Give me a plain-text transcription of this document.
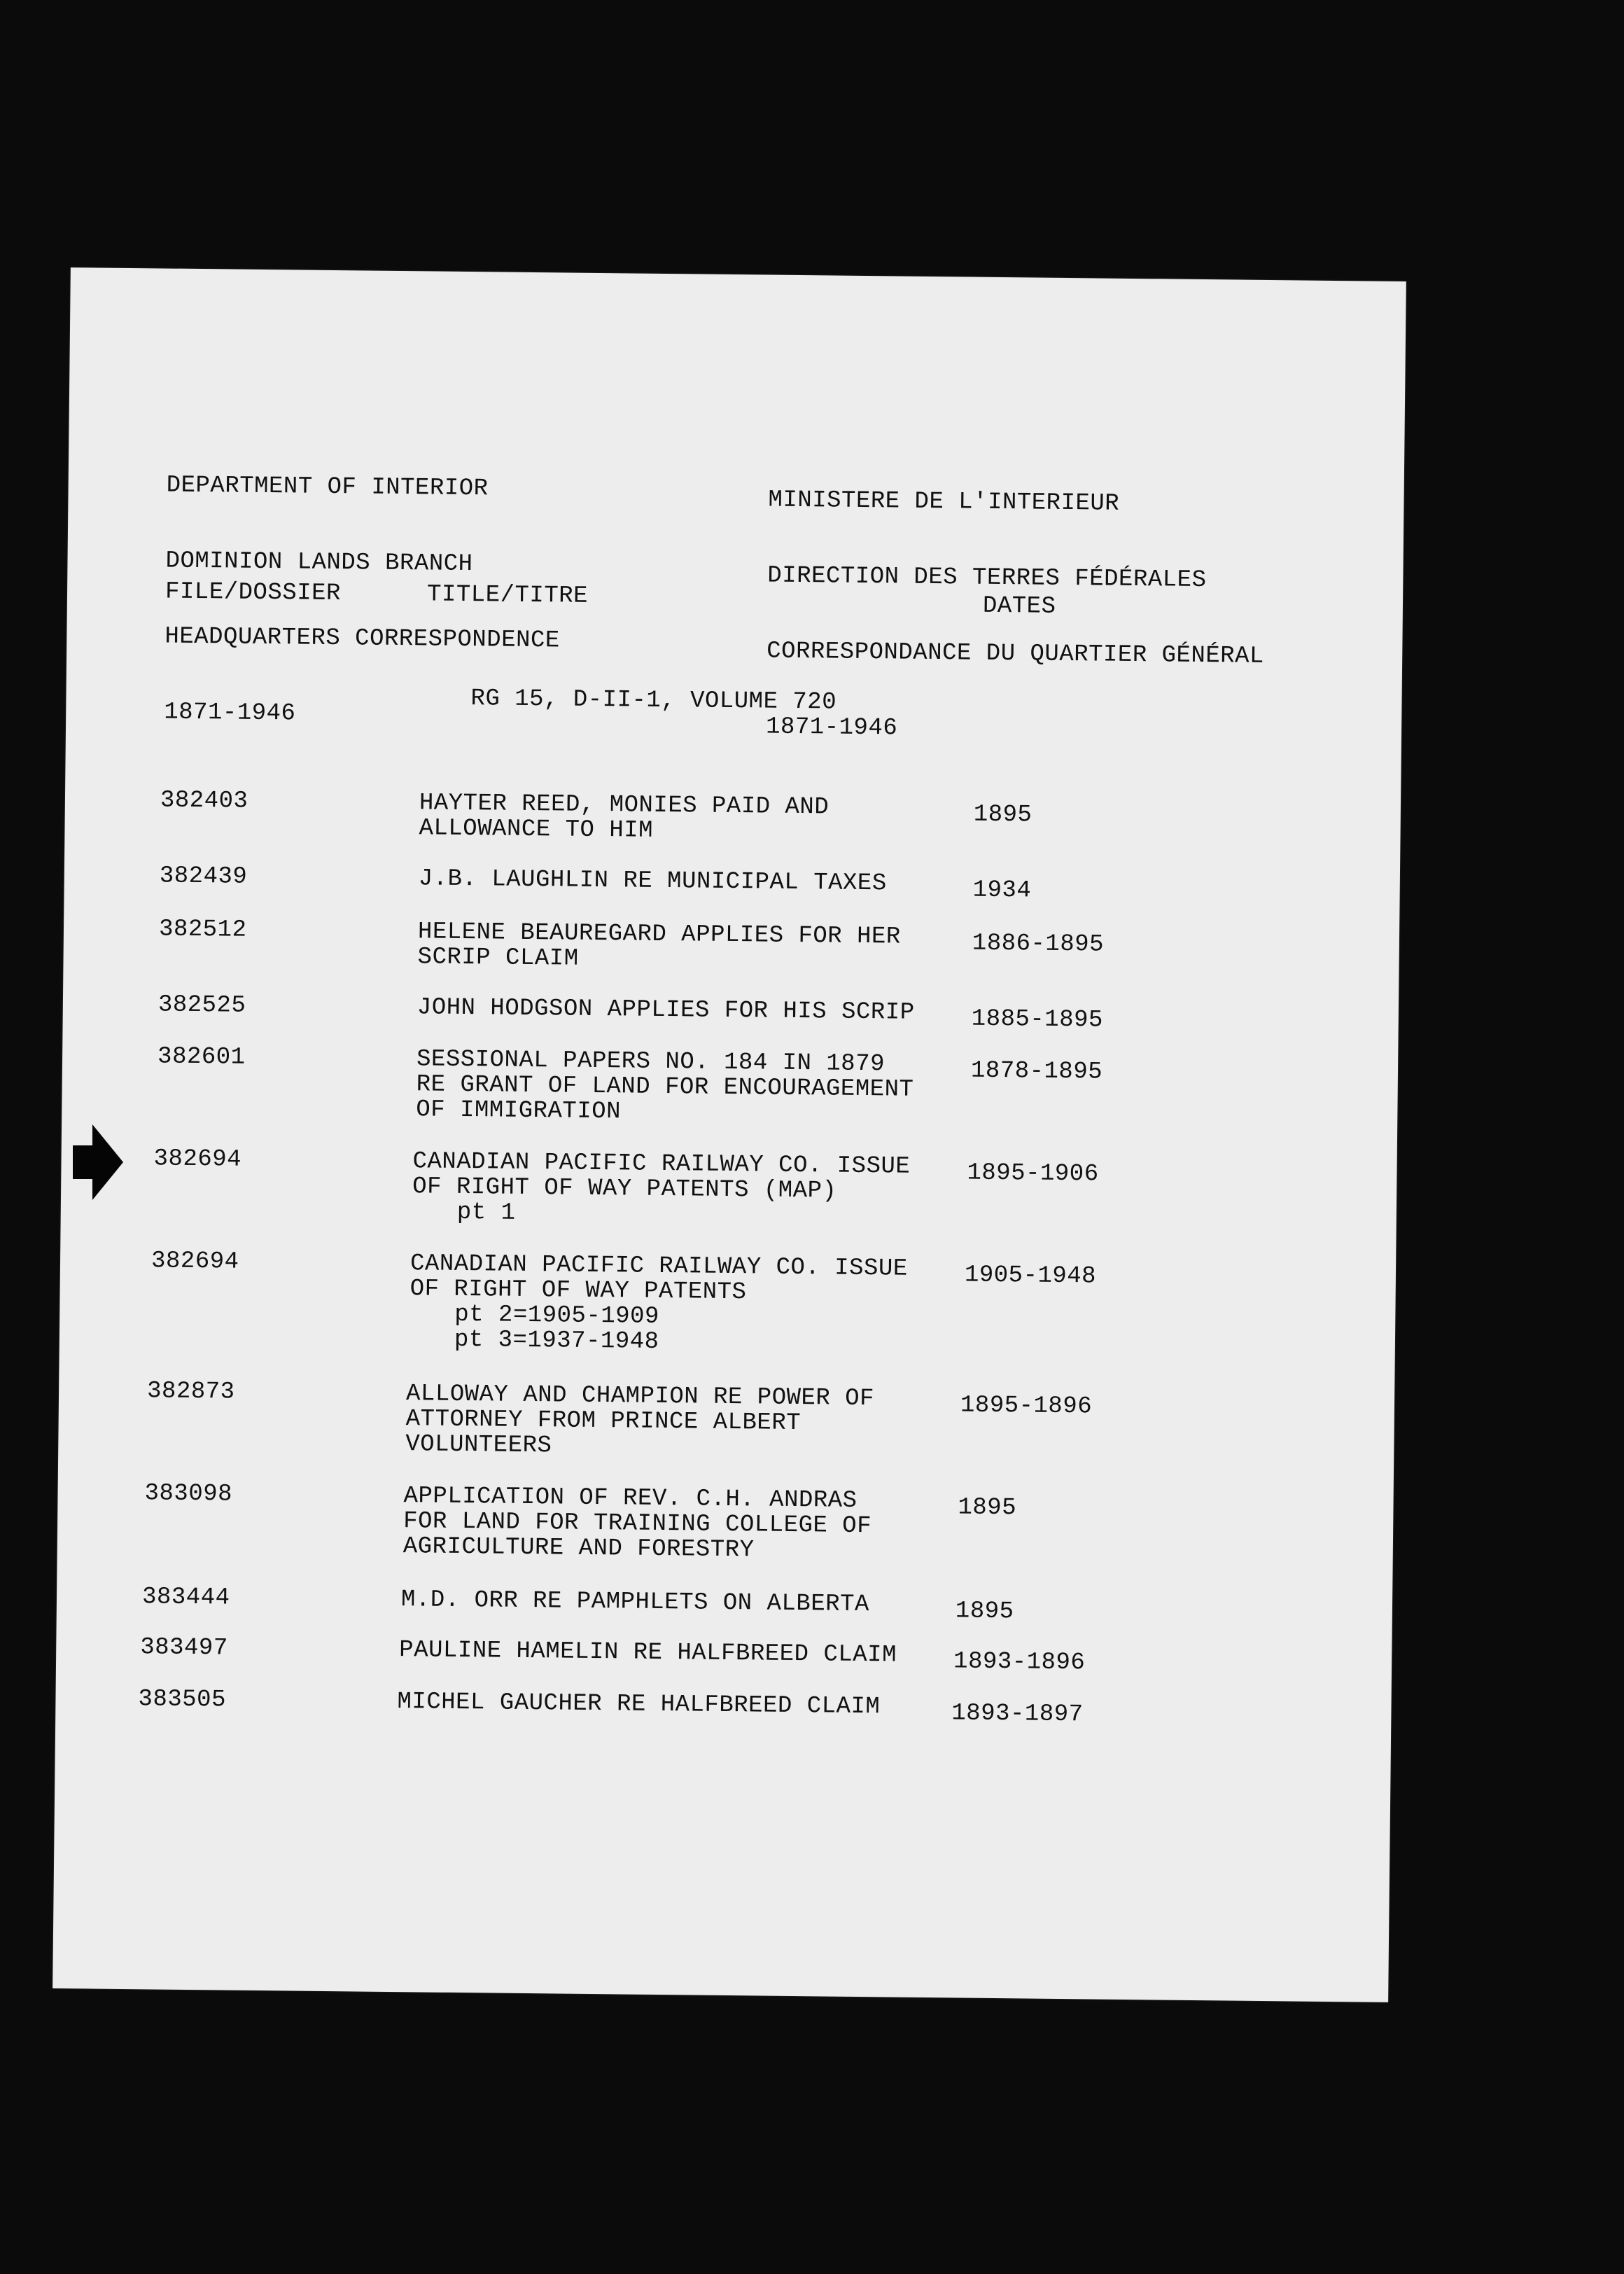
DEPARTMENT OF INTERIOR

DOMINION LANDS BRANCH

HEADQUARTERS CORRESPONDENCE

1871-1946

MINISTERE DE L'INTERIEUR

DIRECTION DES TERRES FÉDÉRALES

CORRESPONDANCE DU QUARTIER GÉNÉRAL

1871-1946

FILE/DOSSIER	TITLE/TITRE	DATES
RG 15, D-II-1, VOLUME 720
382403	HAYTER REED, MONIES PAID AND
ALLOWANCE TO HIM
1895
382439	J.B. LAUGHLIN RE MUNICIPAL TAXES	1934
382512	HELENE BEAUREGARD APPLIES FOR HER
SCRIP CLAIM	1886-1895
382525	JOHN HODGSON APPLIES FOR HIS SCRIP 1885-1895
382601	SESSIONAL PAPERS NO. 184 IN 1879
RE GRANT OF LAND FOR ENCOURAGEMENT
OF IMMIGRATION
1878-1895
382694	CANADIAN PACIFIC RAILWAY CO. ISSUE
OF RIGHT OF WAY PATENTS (MAP)
pt 1
1895-1906
382694	CANADIAN PACIFIC RAILWAY CO. ISSUE
OF RIGHT OF WAY PATENTS
pt 2=1905-1909
pt 3=1937-1948
1905-1948
382873	ALLOWAY AND CHAMPION RE POWER OF
ATTORNEY FROM PRINCE ALBERT
VOLUNTEERS
1895-1896
383098	APPLICATION OF REV. C.H. ANDRAS
FOR LAND FOR TRAINING COLLEGE OF
AGRICULTURE AND FORESTRY
1895
383444	M.D. ORR RE PAMPHLETS ON ALBERTA	1895
383497	PAULINE HAMELIN RE HALFBREED CLAIM 1893-1896
383505	MICHEL GAUCHER RE HALFBREED CLAIM	1893-1897
